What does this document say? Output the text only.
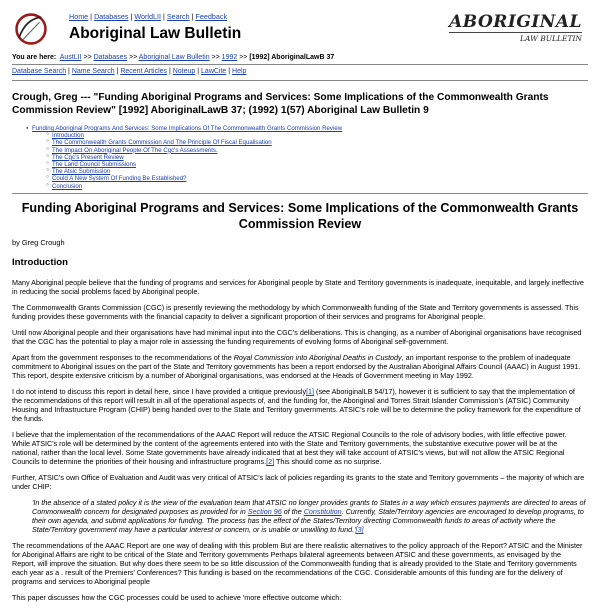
Home | Databases | WorldLII | Search | Feedback
Aboriginal Law Bulletin
ABORIGINAL
LAW BULLETIN
You are here: AustLII >> Databases >> Aboriginal Law Bulletin >> 1992 >> [1992] AboriginalLawB 37
Database Search | Name Search | Recent Articles | Noteup | LawCite | Help
Crough, Greg --- "Funding Aboriginal Programs and Services: Some Implications of the Commonwealth Grants Commission Review" [1992] AboriginalLawB 37; (1992) 1(57) Aboriginal Law Bulletin 9
● Funding Aboriginal Programs And Services: Some Implications Of The Commonwealth Grants Commission Review
○ Introduction
○ The Commonwealth Grants Commission And The Principle Of Fiscal Equalisation
○ The Impact On Aboriginal People Of The Cgc's Assessments.
○ The Cgc's Present Review
○ The Land Council Submissions
○ The Atsic Submission
○ Could A New System Of Funding Be Established?
○ Conclusion
Funding Aboriginal Programs and Services: Some Implications of the Commonwealth Grants Commission Review
by Greg Crough
Introduction

Many Aboriginal people believe that the funding of programs and services for Aboriginal people by State and Territory governments is inadequate, inequitable, and largely ineffective in reducing the social problems faced by Aboriginal people.

The Commonwealth Grants Commission (CGC) is presently reviewing the methodology by which Commonwealth funding of the State and Territory governments is assessed. This funding provides these governments with the financial capacity to deliver a significant proportion of their services and programs for Aboriginal people.

Until now Aboriginal people and their organisations have had minimal input into the CGC's deliberations. This is changing, as a number of Aboriginal organisations have recognised that the CGC has the potential to play a major role in assessing the funding requirements of evolving forms of Aboriginal self-government.

Apart from the government responses to the recommendations of the Royal Commission into Aboriginal Deaths in Custody, an important response to the problem of inadequate commitment to Aboriginal issues on the part of the State and Territory governments has been a report endorsed by the Australian Aboriginal Affairs Council (AAAC) in August 1991. This report, despite extensive criticism by a number of Aboriginal organisations, was endorsed at the Heads of Government meeting in May 1992.

I do not intend to discuss this report in detail here, since I have provided a critique previously[1] (see AboriginalLB 54/17), however it is sufficient to say that the implementation of the recommendations of this report will result in all of the operational aspects of, and the funding for, the Aboriginal and Torres Strait Islander Commission's (ATSIC) Community Housing and Infrastructure Program (CHIP) being handed over to the State and Territory governments. ATSIC's role will be to determine the policy framework for the expenditure of the funds.

I believe that the implementation of the recommendations of the AAAC Report will reduce the ATSIC Regional Councils to the role of advisory bodies, with little effective power. While ATSIC's role will be determined by the content of the agreements entered into with the State and Territory governments, the substantive executive power will be at the national, rather than the local level. Some State governments have already indicated that at best they will take account of ATSIC's views, but will not allow the ATSIC Regional Councils to determine the priorities of their housing and infrastructure programs.[2] This should come as no surprise.

Further, ATSIC's own Office of Evaluation and Audit was very critical of ATSIC's lack of policies regarding its grants to the state and Territory governments – the majority of which are under CHIP:

'In the absence of a stated policy it is the view of the evaluation team that ATSIC no longer provides grants to States in a way which ensures payments are directed to areas of Commonwealth concern for designated purposes as provided for in Section 96 of the Constitution. Currently, State/Territory agencies are encouraged to develop programs, to their own agenda, and submit applications for funding. The process has the effect of the States/Territory directing Commonwealth funds to areas of activity where the State/Territory government may have a particular interest or concern, or is unable or unwilling to fund.'[3]

The recommendations of the AAAC Report are one way of dealing with this problem But are there realistic alternatives to the policy approach of the Report? ATSIC and the Minister for Aboriginal Affairs are right to be critical of the State and Territory governments Perhaps bilateral agreements between ATSIC and these governments, as envisaged by the Report, will improve the situation. But why does there seem to be so little discussion of the Commonwealth funding that is already provided to the State and Territory governments each year as a . result of the Premiers' Conferences? This funding is based on the recommendations of the CGC. Considerable amounts of this funding are for the delivery of programs and services to Aboriginal people

This paper discusses how the CGC processes could be used to achieve 'more effective outcome which:
